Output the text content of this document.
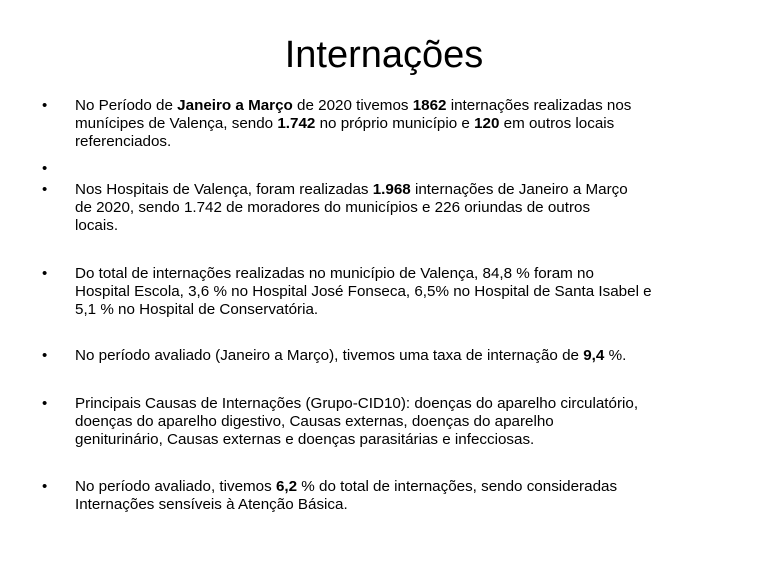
Internações
• No Período de Janeiro a Março de 2020 tivemos 1862 internações realizadas nos
munícipes de Valença, sendo 1.742 no próprio município e 120 em outros locais
referenciados.
•
• Nos Hospitais de Valença, foram realizadas 1.968 internações de Janeiro a Março
de 2020, sendo 1.742 de moradores do municípios e 226 oriundas de outros
locais.
• Do total de internações realizadas no município de Valença, 84,8 % foram no
Hospital Escola, 3,6 % no Hospital José Fonseca, 6,5% no Hospital de Santa Isabel e
5,1 % no Hospital de Conservatória.
• No período avaliado (Janeiro a Março), tivemos uma taxa de internação de 9,4 %.
• Principais Causas de Internações (Grupo-CID10): doenças do aparelho circulatório,
doenças do aparelho digestivo, Causas externas, doenças do aparelho
geniturinário, Causas externas e doenças parasitárias e infecciosas.
• No período avaliado, tivemos 6,2 % do total de internações, sendo consideradas
Internações sensíveis à Atenção Básica.
